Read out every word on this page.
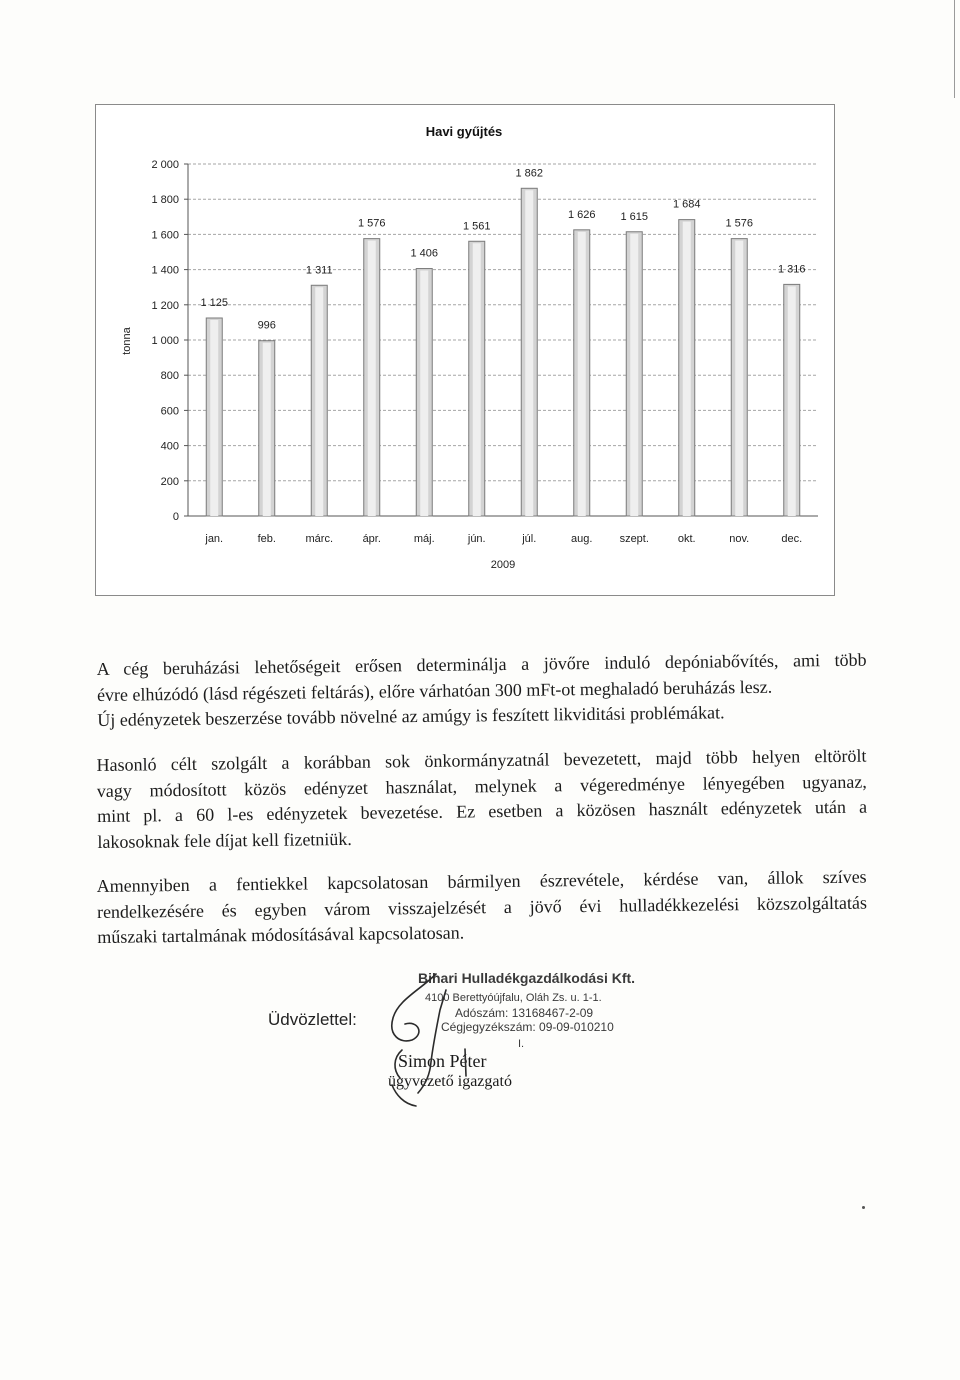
Havi gyűjtés
0
200
400
600
800
1 000
1 200
1 400
1 600
1 800
2 000
1 125
jan.
996
feb.
1 311
márc.
1 576
ápr.
1 406
máj.
1 561
jún.
1 862
júl.
1 626
aug.
1 615
szept.
1 684
okt.
1 576
nov.
1 316
dec.
2009
tonna
A cég beruházási lehetőségeit erősen determinálja a jövőre induló depóniabővítés, ami több
évre elhúzódó (lásd régészeti feltárás), előre várhatóan 300 mFt-ot meghaladó beruházás lesz.
Új edényzetek beszerzése tovább növelné az amúgy is feszített likviditási problémákat.
Hasonló célt szolgált a korábban sok önkormányzatnál bevezetett, majd több helyen eltörölt
vagy módosított közös edényzet használat, melynek a végeredménye lényegében ugyanaz,
mint pl. a 60 l-es edényzetek bevezetése. Ez esetben a közösen használt edényzetek után a
lakosoknak fele díjat kell fizetniük.
Amennyiben a fentiekkel kapcsolatosan bármilyen észrevétele, kérdése van, állok szíves
rendelkezésére és egyben várom visszajelzését a jövő évi hulladékkezelési közszolgáltatás
műszaki tartalmának módosításával kapcsolatosan.
Üdvözlettel:
Bihari Hulladékgazdálkodási Kft.
4100 Berettyóújfalu, Oláh Zs. u. 1-1.
Adószám: 13168467-2-09
Cégjegyzékszám: 09-09-010210
I.
Simon Péter
ügyvezető igazgató
